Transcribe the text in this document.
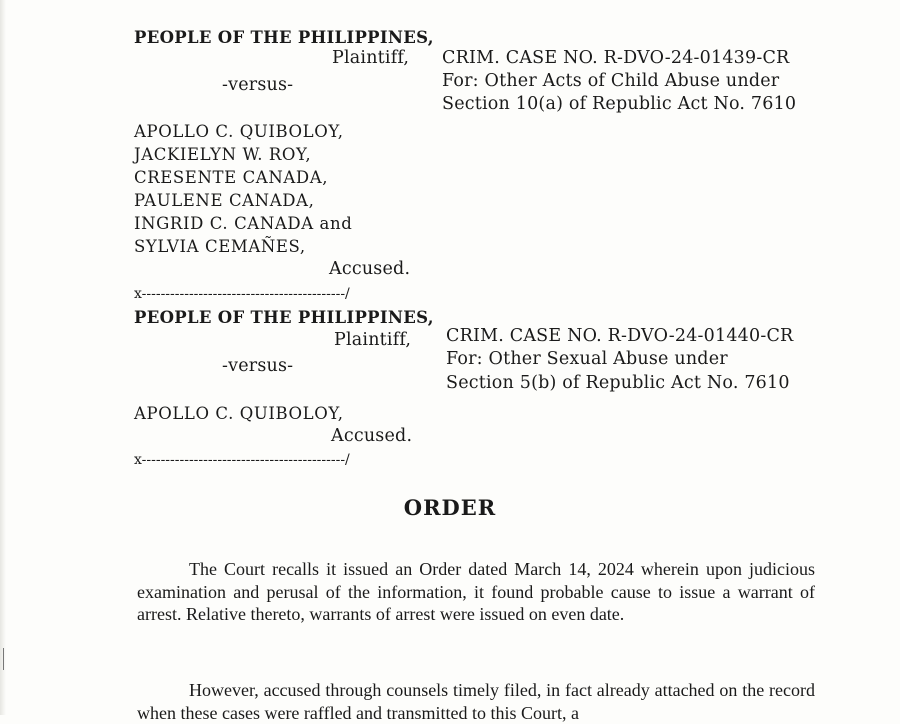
PEOPLE OF THE PHILIPPINES,
Plaintiff,
-versus-
APOLLO C. QUIBOLOY,
JACKIELYN W. ROY,
CRESENTE CANADA,
PAULENE CANADA,
INGRID C. CANADA and
SYLVIA CEMAÑES,
Accused.
CRIM. CASE NO. R-DVO-24-01439-CR
For: Other Acts of Child Abuse under
Section 10(a) of Republic Act No. 7610
x-------------------------------------------/
PEOPLE OF THE PHILIPPINES,
Plaintiff,
-versus-
APOLLO C. QUIBOLOY,
Accused.
CRIM. CASE NO. R-DVO-24-01440-CR
For: Other Sexual Abuse under
Section 5(b) of Republic Act No. 7610
x-------------------------------------------/
ORDER
The Court recalls it issued an Order dated March 14, 2024 wherein upon judicious examination and perusal of the information, it found probable cause to issue a warrant of arrest. Relative thereto, warrants of arrest were issued on even date.
However, accused through counsels timely filed, in fact already attached on the record when these cases were raffled and transmitted to this Court, a
